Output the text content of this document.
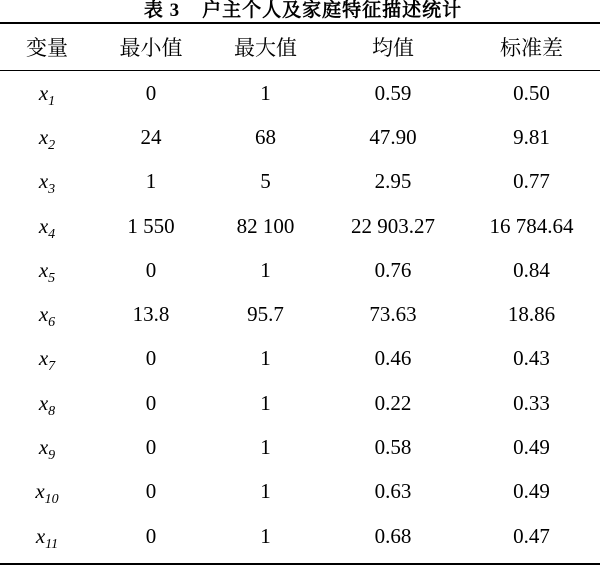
表 3 户主个人及家庭特征描述统计
变量	最小值	最大值	均值	标准差
$x_1$	0	1	0.59	0.50
$x_2$	24	68	47.90	9.81
$x_3$	1	5	2.95	0.77
$x_4$	1 550	82 100	22 903.27	16 784.64
$x_5$	0	1	0.76	0.84
$x_6$	13.8	95.7	73.63	18.86
$x_7$	0	1	0.46	0.43
$x_8$	0	1	0.22	0.33
$x_9$	0	1	0.58	0.49
$x_{10}$	0	1	0.63	0.49
$x_{11}$	0	1	0.68	0.47
